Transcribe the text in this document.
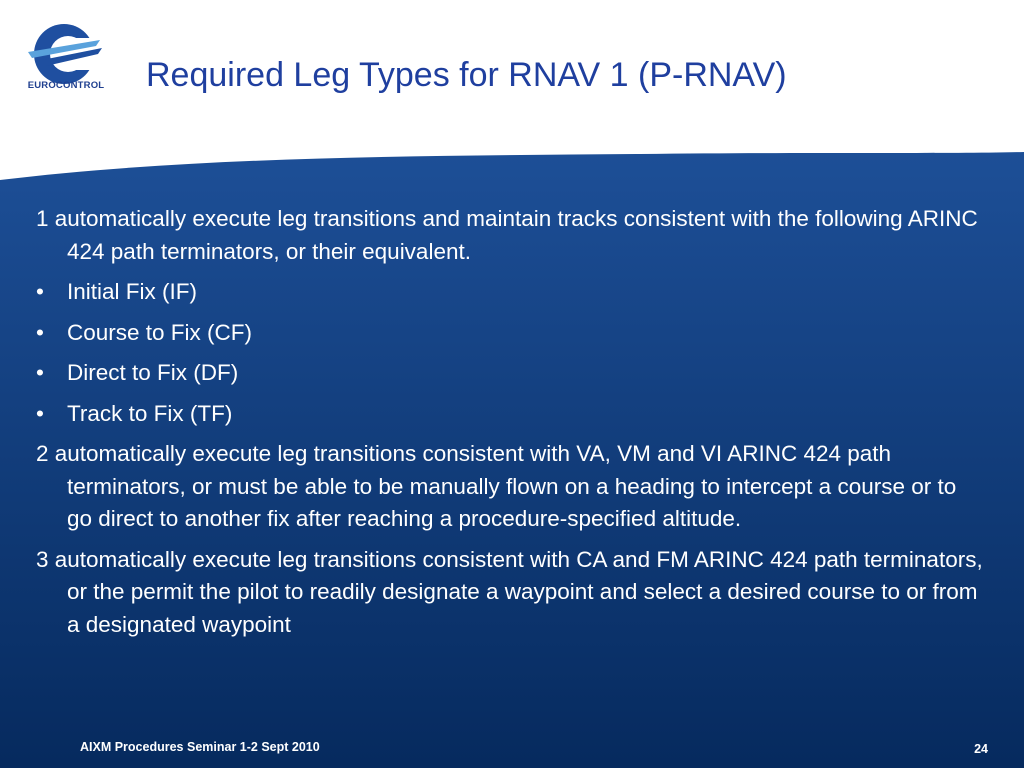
EUROCONTROL Required Leg Types for RNAV 1 (P-RNAV)

1 automatically execute leg transitions and maintain tracks consistent with the following ARINC 424 path terminators, or their equivalent.

•	Initial Fix (IF)
•	Course to Fix (CF)
•	Direct to Fix (DF)
•	Track to Fix (TF)

2 automatically execute leg transitions consistent with VA, VM and VI ARINC 424 path terminators, or must be able to be manually flown on a heading to intercept a course or to go direct to another fix after reaching a procedure-specified altitude.

3 automatically execute leg transitions consistent with CA and FM ARINC 424 path terminators, or the permit the pilot to readily designate a waypoint and select a desired course to or from a designated waypoint

AIXM Procedures Seminar 1-2 Sept 2010	24
